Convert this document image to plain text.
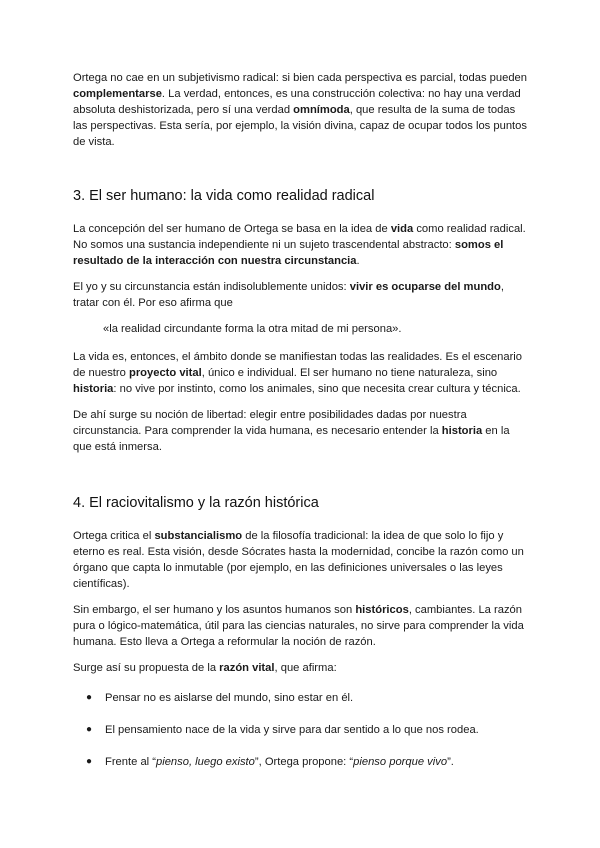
Ortega no cae en un subjetivismo radical: si bien cada perspectiva es parcial, todas pueden complementarse. La verdad, entonces, es una construcción colectiva: no hay una verdad absoluta deshistorizada, pero sí una verdad omnímoda, que resulta de la suma de todas las perspectivas. Esta sería, por ejemplo, la visión divina, capaz de ocupar todos los puntos de vista.

3. El ser humano: la vida como realidad radical

La concepción del ser humano de Ortega se basa en la idea de vida como realidad radical. No somos una sustancia independiente ni un sujeto trascendental abstracto: somos el resultado de la interacción con nuestra circunstancia.

El yo y su circunstancia están indisolublemente unidos: vivir es ocuparse del mundo, tratar con él. Por eso afirma que

«la realidad circundante forma la otra mitad de mi persona».

La vida es, entonces, el ámbito donde se manifiestan todas las realidades. Es el escenario de nuestro proyecto vital, único e individual. El ser humano no tiene naturaleza, sino historia: no vive por instinto, como los animales, sino que necesita crear cultura y técnica.

De ahí surge su noción de libertad: elegir entre posibilidades dadas por nuestra circunstancia. Para comprender la vida humana, es necesario entender la historia en la que está inmersa.

4. El raciovitalismo y la razón histórica

Ortega critica el substancialismo de la filosofía tradicional: la idea de que solo lo fijo y eterno es real. Esta visión, desde Sócrates hasta la modernidad, concibe la razón como un órgano que capta lo inmutable (por ejemplo, en las definiciones universales o las leyes científicas).

Sin embargo, el ser humano y los asuntos humanos son históricos, cambiantes. La razón pura o lógico-matemática, útil para las ciencias naturales, no sirve para comprender la vida humana. Esto lleva a Ortega a reformular la noción de razón.

Surge así su propuesta de la razón vital, que afirma:

● Pensar no es aislarse del mundo, sino estar en él.
● El pensamiento nace de la vida y sirve para dar sentido a lo que nos rodea.
● Frente al “pienso, luego existo”, Ortega propone: “pienso porque vivo”.
